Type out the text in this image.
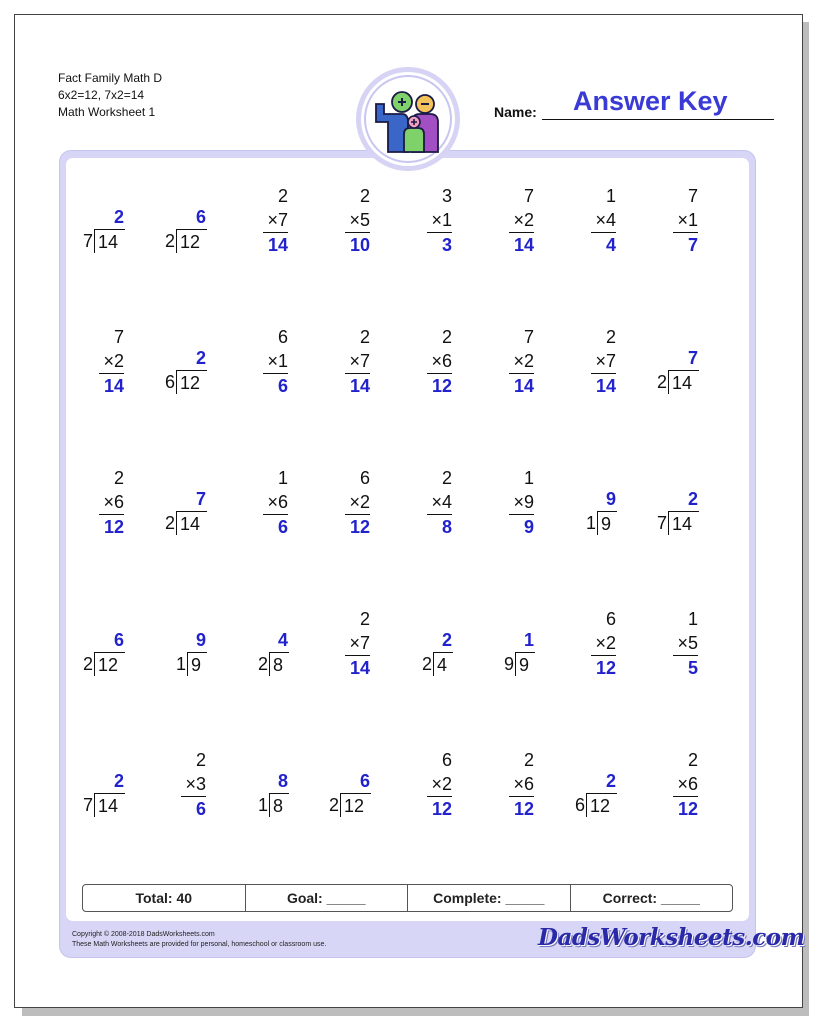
Fact Family Math D
6x2=12, 7x2=14
Math Worksheet 1	Name: Answer Key
2
7 14
6
2 12
2
×7
14
2
×5
10
3
×1
3
7
×2
14
1
×4
4
7
×1
7
7
×2
14
2
6 12
6
×1
6
2
×7
14
2
×6
12
7
×2
14
2
×7
14
7
2 14
2
×6
12
7
2 14
1
×6
6
6
×2
12
2
×4
8
1
×9
9
9
1 9
2
7 14
6
2 12
9
1 9
4
2 8
2
×7
14
2
2 4
1
9 9
6
×2
12
1
×5
5
2
7 14
2
×3
6
8
1 8
6
2 12
6
×2
12
2
×6
12
2
6 12
2
×6
12
Total: 40	Goal: _____	Complete: _____	Correct: _____
Copyright © 2008-2018 DadsWorksheets.com
These Math Worksheets are provided for personal, homeschool or classroom use.	DadsWorksheets.com
